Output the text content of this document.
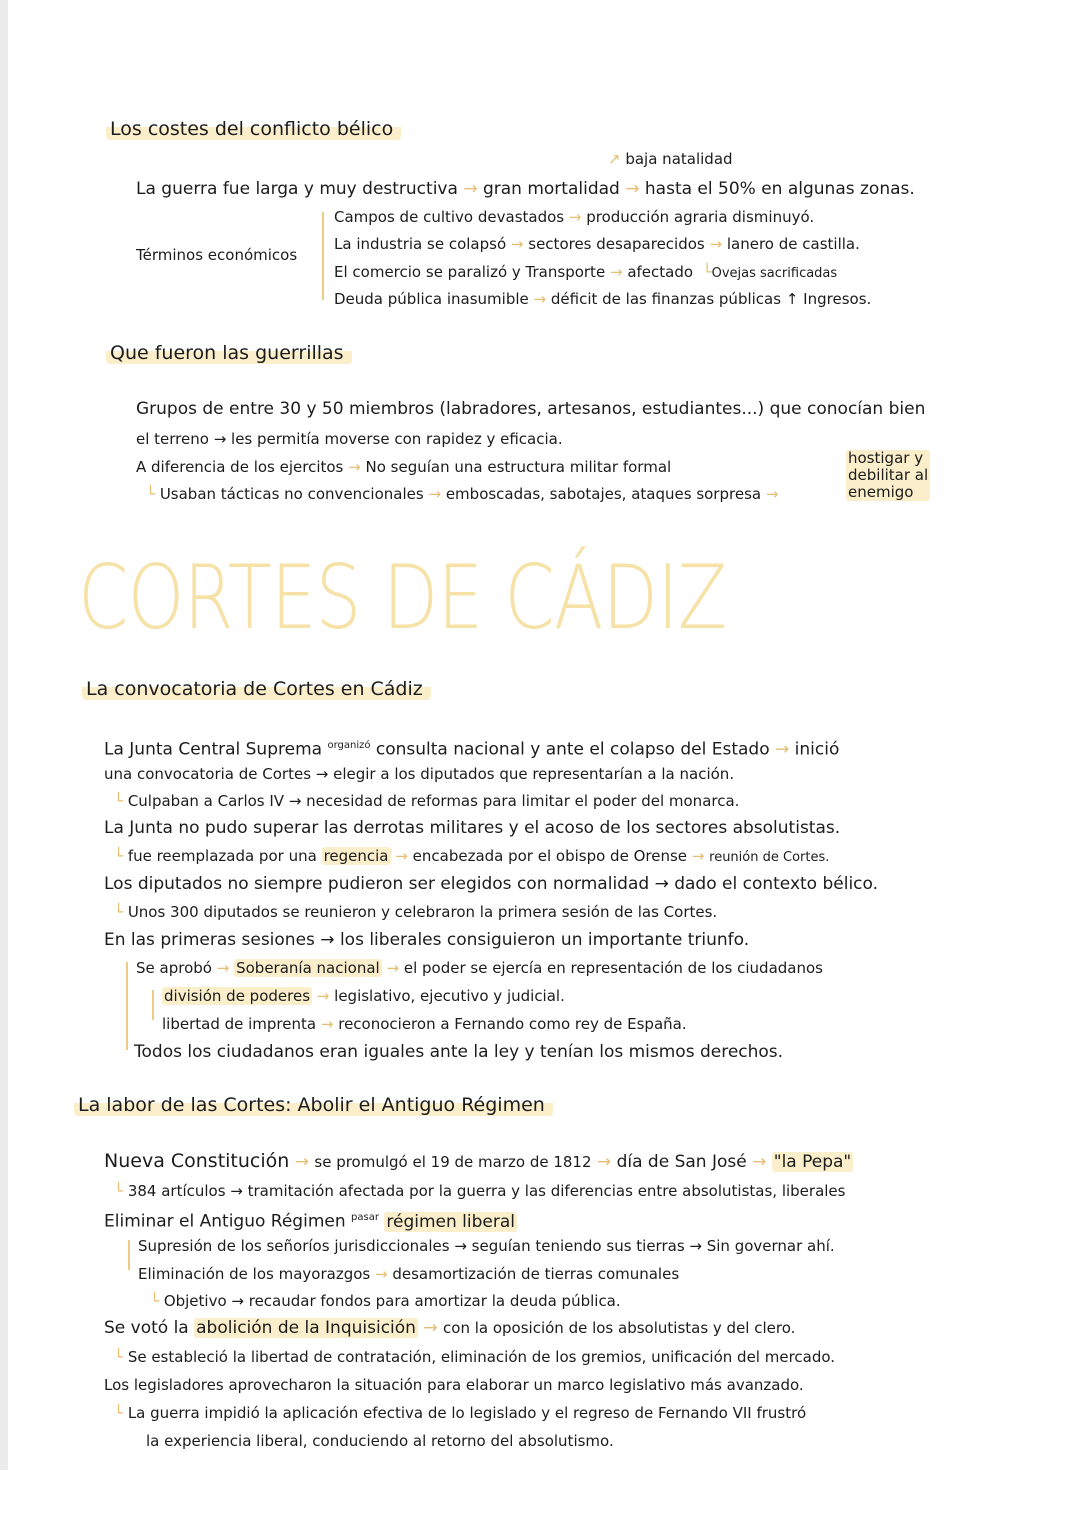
Los costes del conflicto bélico
↗ baja natalidad
La guerra fue larga y muy destructiva → gran mortalidad → hasta el 50% en algunas zonas.
Términos económicos
Campos de cultivo devastados → producción agraria disminuyó.
La industria se colapsó → sectores desaparecidos → lanero de castilla.
El comercio se paralizó y Transporte → afectado └Ovejas sacrificadas
Deuda pública inasumible → déficit de las finanzas públicas ↑ Ingresos.
Que fueron las guerrillas
Grupos de entre 30 y 50 miembros (labradores, artesanos, estudiantes...) que conocían bien
el terreno → les permitía moverse con rapidez y eficacia.
A diferencia de los ejercitos → No seguían una estructura militar formal
└ Usaban tácticas no convencionales → emboscadas, sabotajes, ataques sorpresa →
hostigar y
debilitar al
enemigo
CORTES DE CÁDIZ
La convocatoria de Cortes en Cádiz
La Junta Central Suprema $^{organizó}$ consulta nacional y ante el colapso del Estado → inició
una convocatoria de Cortes → elegir a los diputados que representarían a la nación.
└ Culpaban a Carlos IV → necesidad de reformas para limitar el poder del monarca.
La Junta no pudo superar las derrotas militares y el acoso de los sectores absolutistas.
└ fue reemplazada por una regencia → encabezada por el obispo de Orense → reunión de Cortes.
Los diputados no siempre pudieron ser elegidos con normalidad → dado el contexto bélico.
└ Unos 300 diputados se reunieron y celebraron la primera sesión de las Cortes.
En las primeras sesiones → los liberales consiguieron un importante triunfo.
Se aprobó → Soberanía nacional → el poder se ejercía en representación de los ciudadanos
división de poderes → legislativo, ejecutivo y judicial.
libertad de imprenta → reconocieron a Fernando como rey de España.
Todos los ciudadanos eran iguales ante la ley y tenían los mismos derechos.
La labor de las Cortes: Abolir el Antiguo Régimen
Nueva Constitución → se promulgó el 19 de marzo de 1812 → día de San José → "la Pepa"
└ 384 artículos → tramitación afectada por la guerra y las diferencias entre absolutistas, liberales
Eliminar el Antiguo Régimen $^{pasar}$ régimen liberal
Supresión de los señoríos jurisdiccionales → seguían teniendo sus tierras → Sin governar ahí.
Eliminación de los mayorazgos → desamortización de tierras comunales
└ Objetivo → recaudar fondos para amortizar la deuda pública.
Se votó la abolición de la Inquisición → con la oposición de los absolutistas y del clero.
└ Se estableció la libertad de contratación, eliminación de los gremios, unificación del mercado.
Los legisladores aprovecharon la situación para elaborar un marco legislativo más avanzado.
└ La guerra impidió la aplicación efectiva de lo legislado y el regreso de Fernando VII frustró
la experiencia liberal, conduciendo al retorno del absolutismo.
